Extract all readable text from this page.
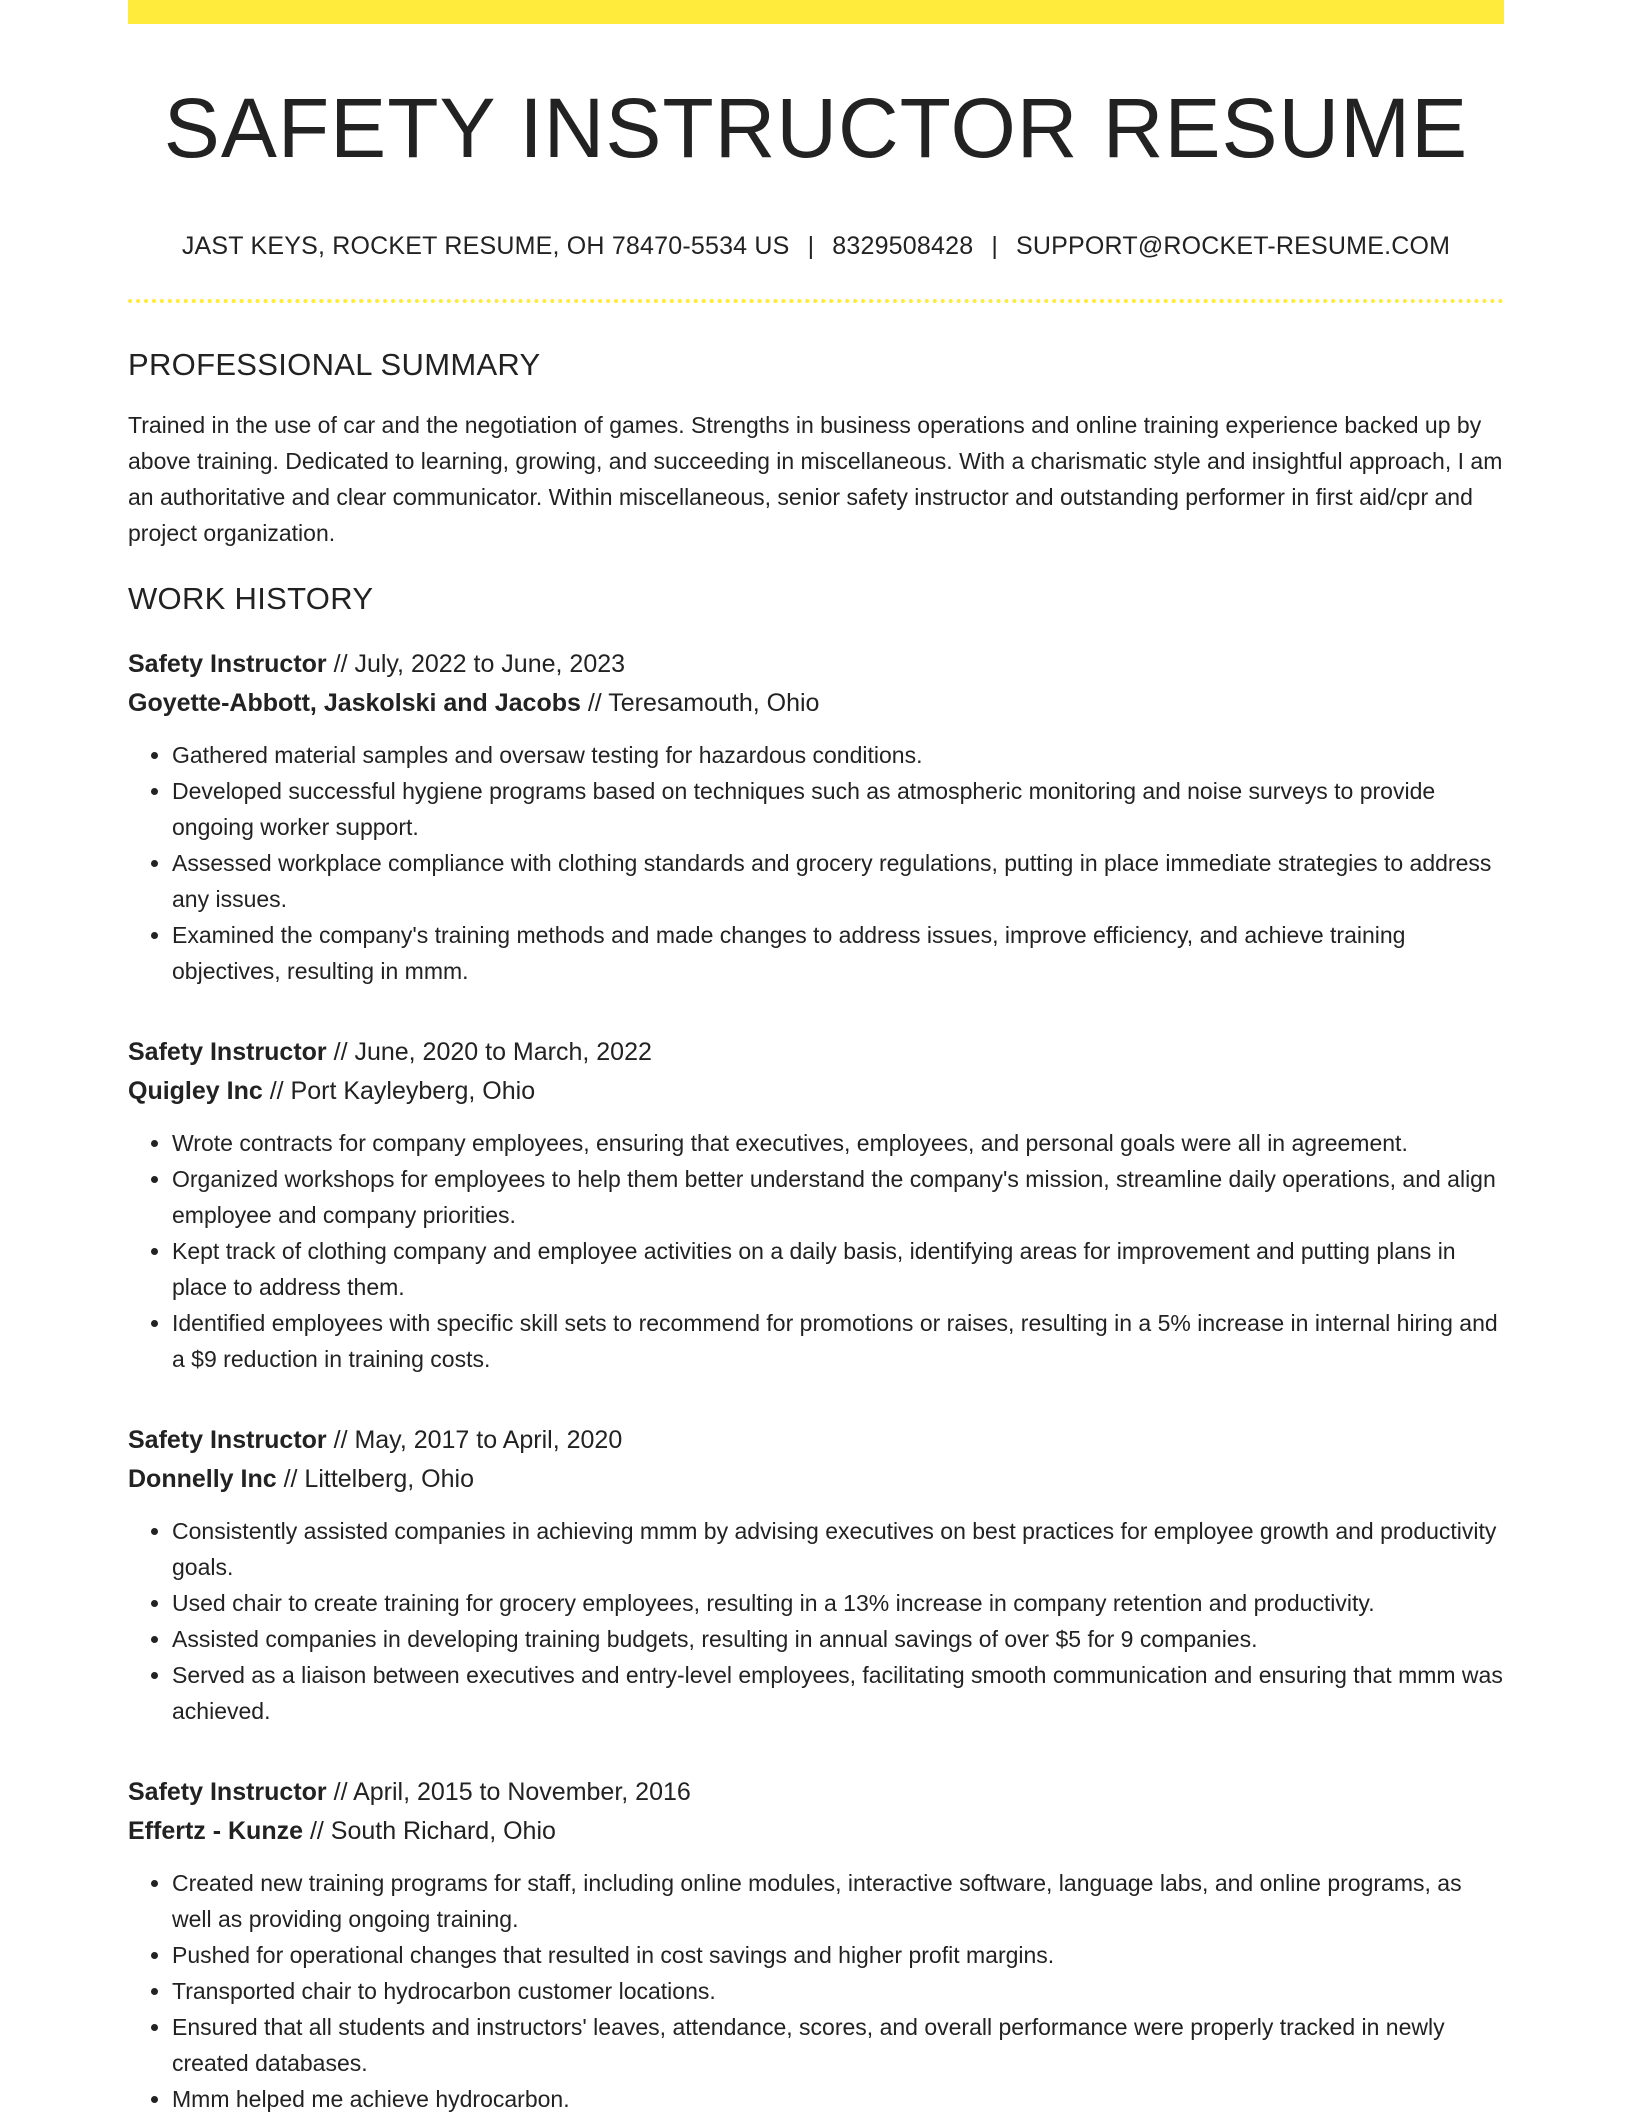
SAFETY INSTRUCTOR RESUME
JAST KEYS, ROCKET RESUME, OH 78470-5534 US | 8329508428 | SUPPORT@ROCKET-RESUME.COM
PROFESSIONAL SUMMARY
Trained in the use of car and the negotiation of games. Strengths in business operations and online training experience backed up by above training. Dedicated to learning, growing, and succeeding in miscellaneous. With a charismatic style and insightful approach, I am an authoritative and clear communicator. Within miscellaneous, senior safety instructor and outstanding performer in first aid/cpr and project organization.
WORK HISTORY
Safety Instructor // July, 2022 to June, 2023
Goyette-Abbott, Jaskolski and Jacobs // Teresamouth, Ohio
• Gathered material samples and oversaw testing for hazardous conditions.
• Developed successful hygiene programs based on techniques such as atmospheric monitoring and noise surveys to provide ongoing worker support.
• Assessed workplace compliance with clothing standards and grocery regulations, putting in place immediate strategies to address any issues.
• Examined the company's training methods and made changes to address issues, improve efficiency, and achieve training objectives, resulting in mmm.
Safety Instructor // June, 2020 to March, 2022
Quigley Inc // Port Kayleyberg, Ohio
• Wrote contracts for company employees, ensuring that executives, employees, and personal goals were all in agreement.
• Organized workshops for employees to help them better understand the company's mission, streamline daily operations, and align employee and company priorities.
• Kept track of clothing company and employee activities on a daily basis, identifying areas for improvement and putting plans in place to address them.
• Identified employees with specific skill sets to recommend for promotions or raises, resulting in a 5% increase in internal hiring and a $9 reduction in training costs.
Safety Instructor // May, 2017 to April, 2020
Donnelly Inc // Littelberg, Ohio
• Consistently assisted companies in achieving mmm by advising executives on best practices for employee growth and productivity goals.
• Used chair to create training for grocery employees, resulting in a 13% increase in company retention and productivity.
• Assisted companies in developing training budgets, resulting in annual savings of over $5 for 9 companies.
• Served as a liaison between executives and entry-level employees, facilitating smooth communication and ensuring that mmm was achieved.
Safety Instructor // April, 2015 to November, 2016
Effertz - Kunze // South Richard, Ohio
• Created new training programs for staff, including online modules, interactive software, language labs, and online programs, as well as providing ongoing training.
• Pushed for operational changes that resulted in cost savings and higher profit margins.
• Transported chair to hydrocarbon customer locations.
• Ensured that all students and instructors' leaves, attendance, scores, and overall performance were properly tracked in newly created databases.
• Mmm helped me achieve hydrocarbon.
